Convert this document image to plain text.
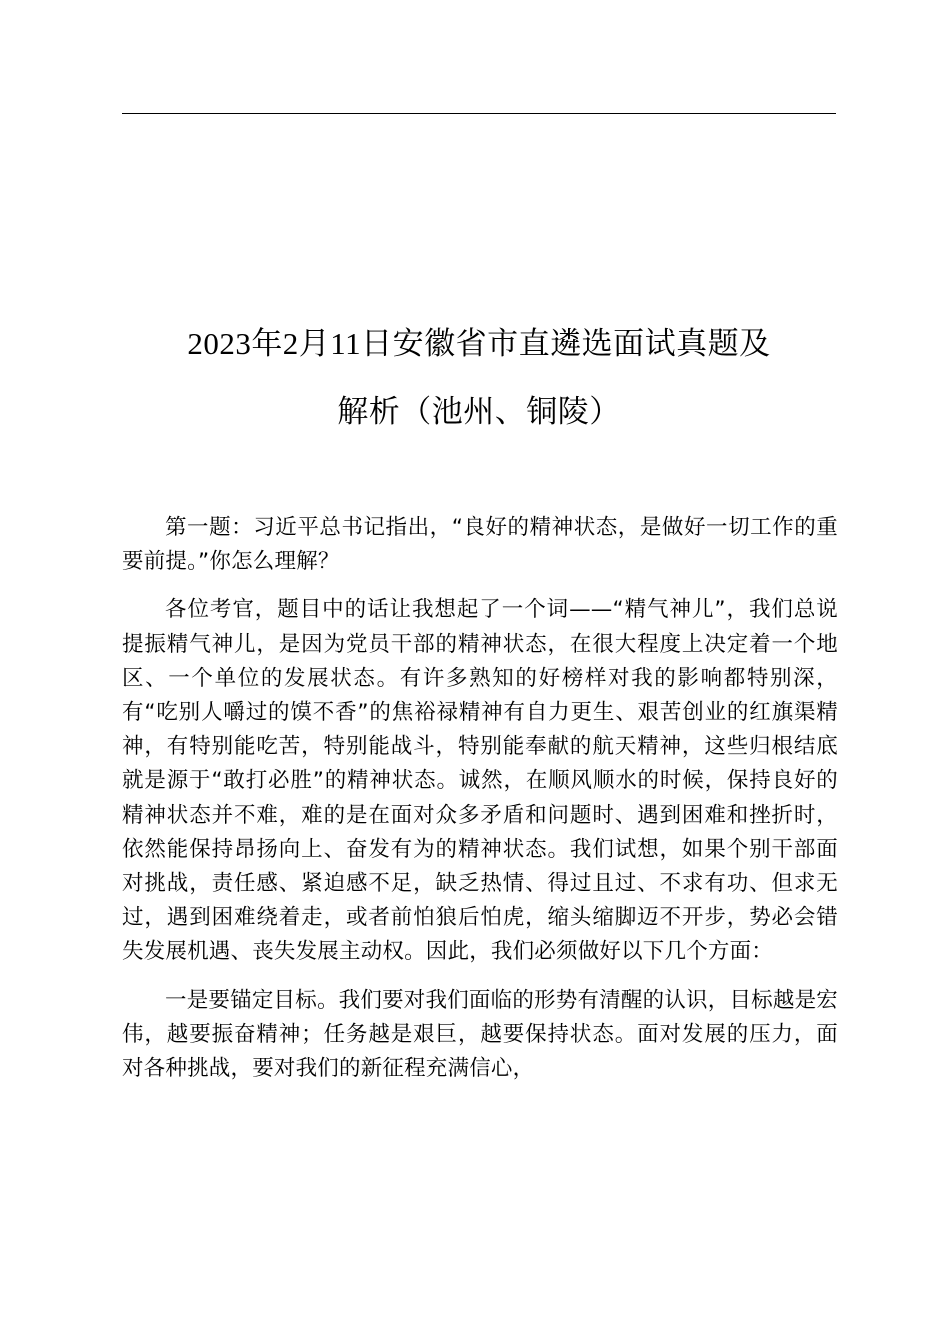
2023年2月11日安徽省市直遴选面试真题及
解析（池州、铜陵）

第一题：习近平总书记指出，“良好的精神状态，是做好一切工作的重要前提。”你怎么理解？

各位考官，题目中的话让我想起了一个词——“精气神儿”，我们总说提振精气神儿，是因为党员干部的精神状态，在很大程度上决定着一个地区、一个单位的发展状态。有许多熟知的好榜样对我的影响都特别深，有“吃别人嚼过的馍不香”的焦裕禄精神有自力更生、艰苦创业的红旗渠精神，有特别能吃苦，特别能战斗，特别能奉献的航天精神，这些归根结底就是源于“敢打必胜”的精神状态。诚然，在顺风顺水的时候，保持良好的精神状态并不难，难的是在面对众多矛盾和问题时、遇到困难和挫折时，依然能保持昂扬向上、奋发有为的精神状态。我们试想，如果个别干部面对挑战，责任感、紧迫感不足，缺乏热情、得过且过、不求有功、但求无过，遇到困难绕着走，或者前怕狼后怕虎，缩头缩脚迈不开步，势必会错失发展机遇、丧失发展主动权。因此，我们必须做好以下几个方面：

一是要锚定目标。我们要对我们面临的形势有清醒的认识，目标越是宏伟，越要振奋精神；任务越是艰巨，越要保持状态。面对发展的压力，面对各种挑战，要对我们的新征程充满信心，
